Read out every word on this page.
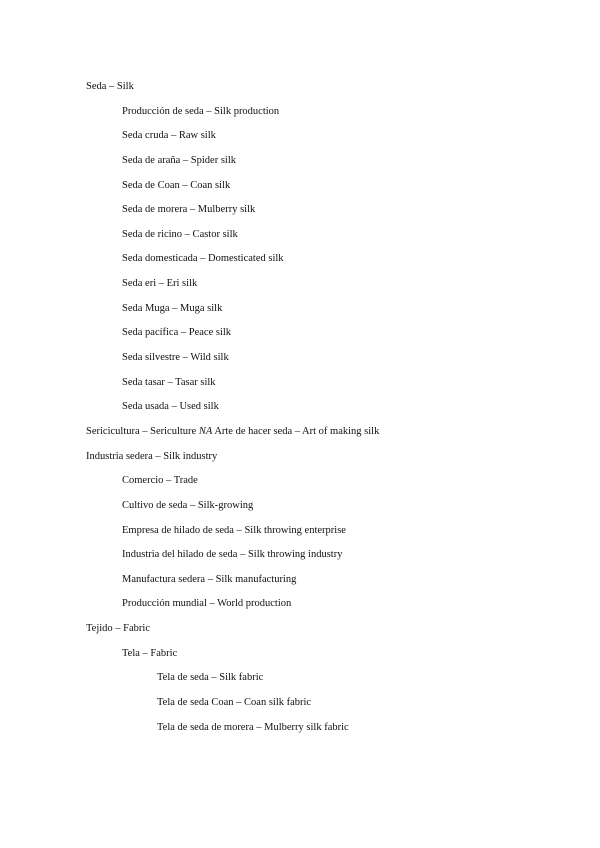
Seda – Silk
Producción de seda – Silk production
Seda cruda – Raw silk
Seda de araña – Spider silk
Seda de Coan – Coan silk
Seda de morera – Mulberry silk
Seda de ricino – Castor silk
Seda domesticada – Domesticated silk
Seda eri – Eri silk
Seda Muga – Muga silk
Seda pacífica – Peace silk
Seda silvestre – Wild silk
Seda tasar – Tasar silk
Seda usada – Used silk
Sericicultura – Sericulture NA Arte de hacer seda – Art of making silk
Industria sedera – Silk industry
Comercio – Trade
Cultivo de seda – Silk-growing
Empresa de hilado de seda – Silk throwing enterprise
Industria del hilado de seda – Silk throwing industry
Manufactura sedera – Silk manufacturing
Producción mundial – World production
Tejido – Fabric
Tela – Fabric
Tela de seda – Silk fabric
Tela de seda Coan – Coan silk fabric
Tela de seda de morera – Mulberry silk fabric
